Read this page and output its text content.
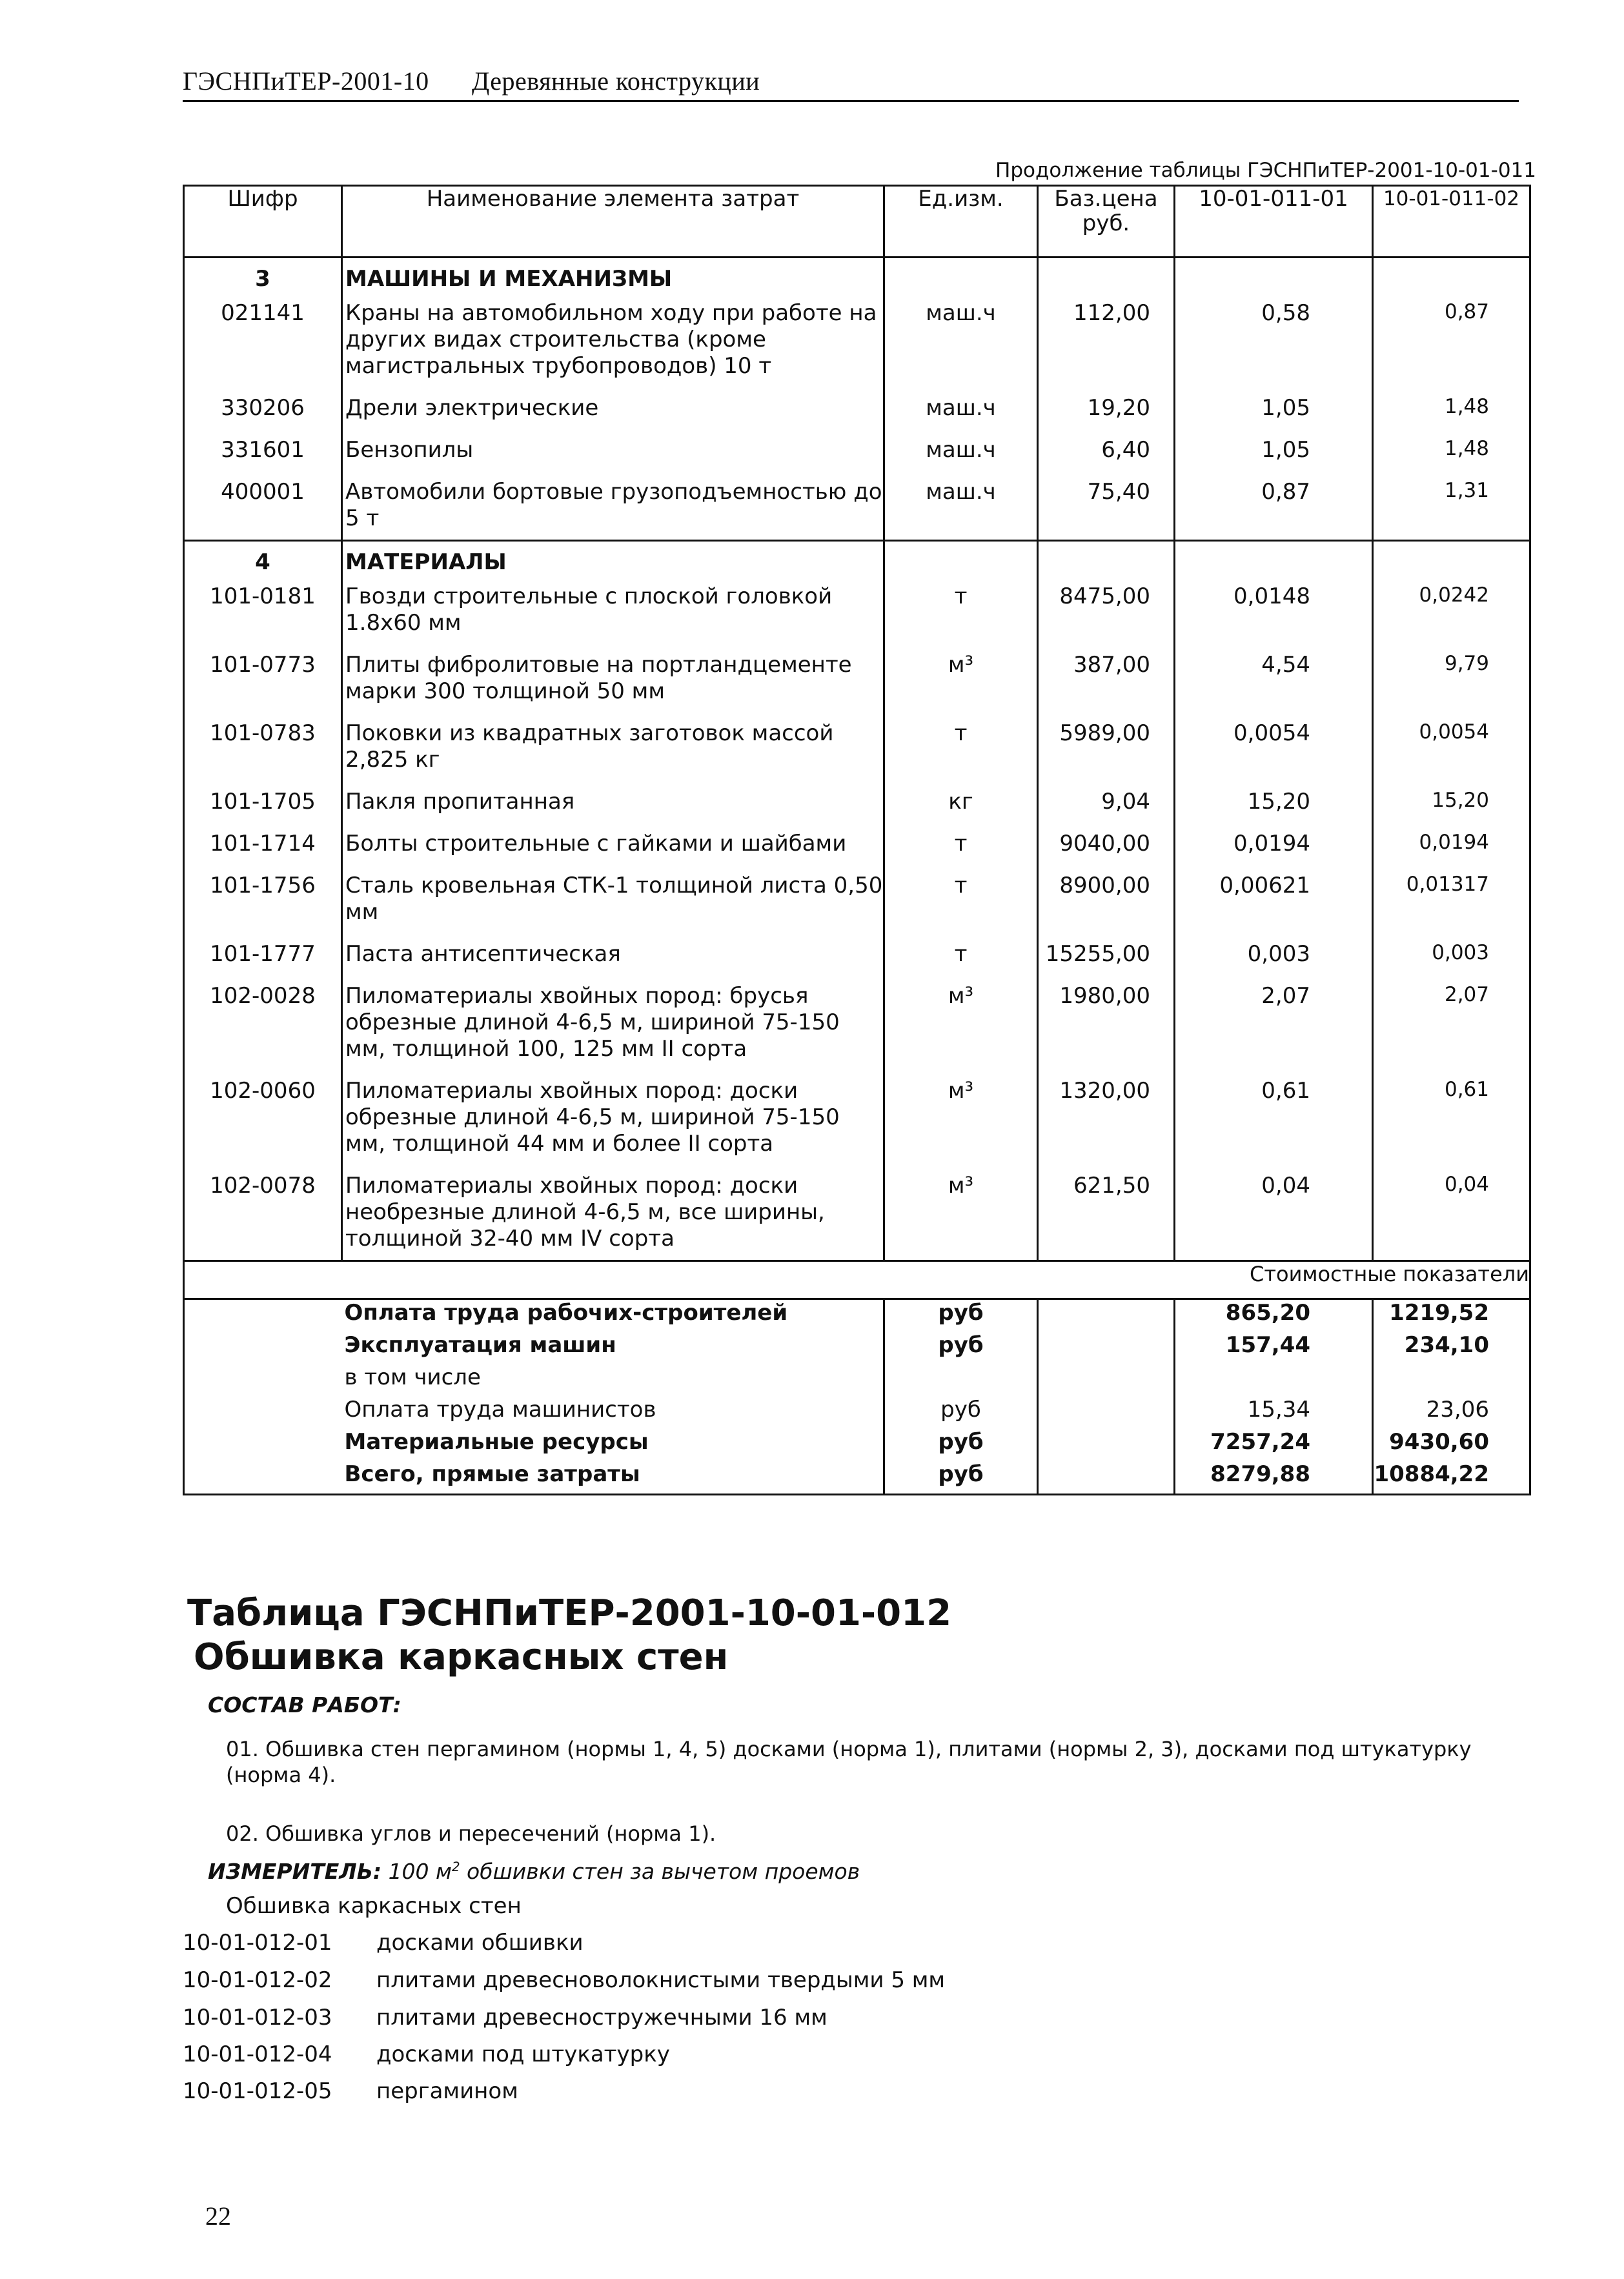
ГЭСНПиТЕР-2001-10 Деревянные конструкции
Продолжение таблицы ГЭСНПиТЕР-2001-10-01-011
Шифр	Наименование элемента затрат	Ед.изм.	Баз.цена руб.	10-01-011-01	10-01-011-02
3	МАШИНЫ И МЕХАНИЗМЫ				
021141	Краны на автомобильном ходу при работе на других видах строительства (кроме магистральных трубопроводов) 10 т	маш.ч	112,00	0,58	0,87
330206	Дрели электрические	маш.ч	19,20	1,05	1,48
331601	Бензопилы	маш.ч	6,40	1,05	1,48
400001	Автомобили бортовые грузоподъемностью до 5 т	маш.ч	75,40	0,87	1,31
4	МАТЕРИАЛЫ				
101-0181	Гвозди строительные с плоской головкой 1.8х60 мм	т	8475,00	0,0148	0,0242
101-0773	Плиты фибролитовые на портландцементе марки 300 толщиной 50 мм	м³	387,00	4,54	9,79
101-0783	Поковки из квадратных заготовок массой 2,825 кг	т	5989,00	0,0054	0,0054
101-1705	Пакля пропитанная	кг	9,04	15,20	15,20
101-1714	Болты строительные с гайками и шайбами	т	9040,00	0,0194	0,0194
101-1756	Сталь кровельная СТК-1 толщиной листа 0,50 мм	т	8900,00	0,00621	0,01317
101-1777	Паста антисептическая	т	15255,00	0,003	0,003
102-0028	Пиломатериалы хвойных пород: брусья обрезные длиной 4-6,5 м, шириной 75-150 мм, толщиной 100, 125 мм II сорта	м³	1980,00	2,07	2,07
102-0060	Пиломатериалы хвойных пород: доски обрезные длиной 4-6,5 м, шириной 75-150 мм, толщиной 44 мм и более II сорта	м³	1320,00	0,61	0,61
102-0078	Пиломатериалы хвойных пород: доски необрезные длиной 4-6,5 м, все ширины, толщиной 32-40 мм IV сорта	м³	621,50	0,04	0,04
				Стоимостные показатели	
	Оплата труда рабочих-строителей	руб		865,20	1219,52
	Эксплуатация машин	руб		157,44	234,10
	в том числе				
	Оплата труда машинистов	руб		15,34	23,06
	Материальные ресурсы	руб		7257,24	9430,60
	Всего, прямые затраты	руб		8279,88	10884,22
Таблица ГЭСНПиТЕР-2001-10-01-012
Обшивка каркасных стен
СОСТАВ РАБОТ:
01. Обшивка стен пергамином (нормы 1, 4, 5) досками (норма 1), плитами (нормы 2, 3), досками под штукатурку (норма 4).
02. Обшивка углов и пересечений (норма 1).
ИЗМЕРИТЕЛЬ: 100 $м^2$ обшивки стен за вычетом проемов
Обшивка каркасных стен
10-01-012-01 досками обшивки
10-01-012-02 плитами древесноволокнистыми твердыми 5 мм
10-01-012-03 плитами древесностружечными 16 мм
10-01-012-04 досками под штукатурку
10-01-012-05 пергамином
22
